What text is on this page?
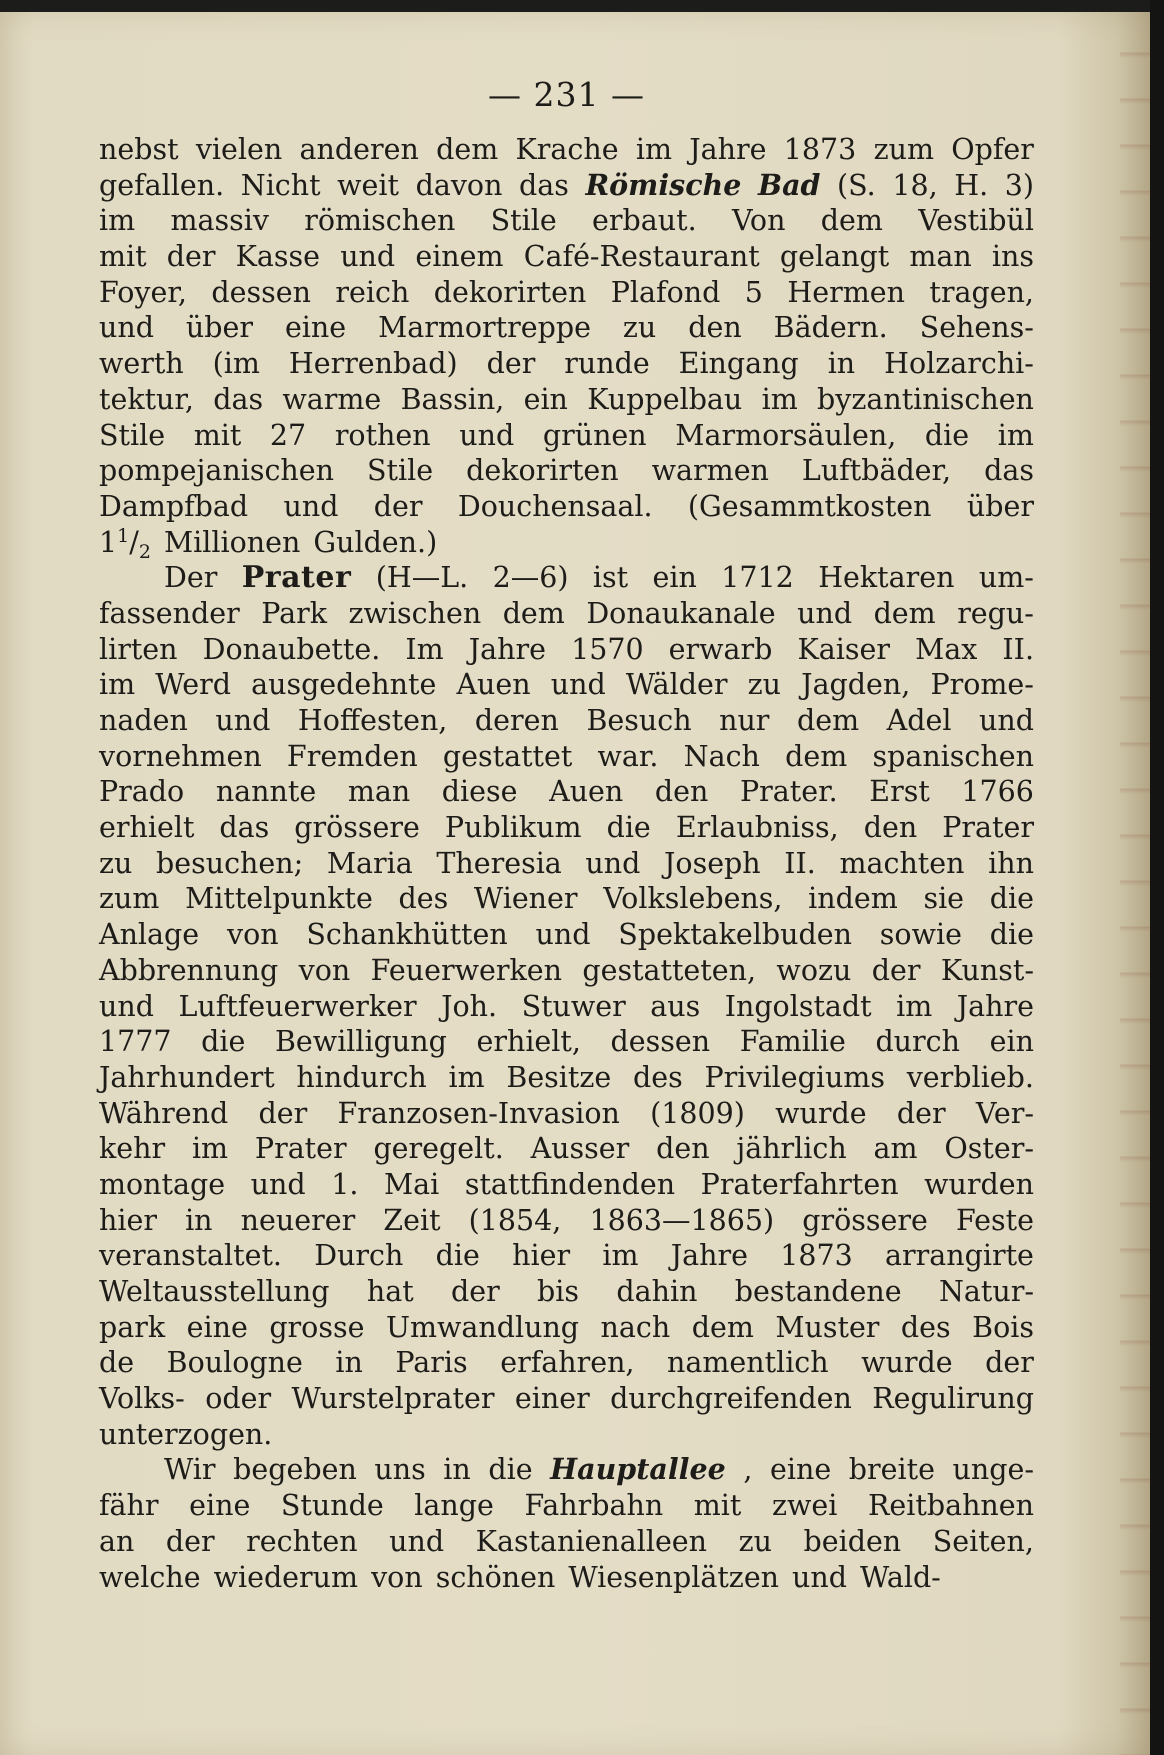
— 231 —
nebst vielen anderen dem Krache im Jahre 1873 zum Opfer
gefallen. Nicht weit davon das Römische Bad (S. 18, H. 3)
im massiv römischen Stile erbaut. Von dem Vestibül
mit der Kasse und einem Café-Restaurant gelangt man ins
Foyer, dessen reich dekorirten Plafond 5 Hermen tragen,
und über eine Marmortreppe zu den Bädern. Sehens-
werth (im Herrenbad) der runde Eingang in Holzarchi-
tektur, das warme Bassin, ein Kuppelbau im byzantinischen
Stile mit 27 rothen und grünen Marmorsäulen, die im
pompejanischen Stile dekorirten warmen Luftbäder, das
Dampfbad und der Douchensaal. (Gesammtkosten über
11/2 Millionen Gulden.)
Der Prater (H—L. 2—6) ist ein 1712 Hektaren um-
fassender Park zwischen dem Donaukanale und dem regu-
lirten Donaubette. Im Jahre 1570 erwarb Kaiser Max II.
im Werd ausgedehnte Auen und Wälder zu Jagden, Prome-
naden und Hoffesten, deren Besuch nur dem Adel und
vornehmen Fremden gestattet war. Nach dem spanischen
Prado nannte man diese Auen den Prater. Erst 1766
erhielt das grössere Publikum die Erlaubniss, den Prater
zu besuchen; Maria Theresia und Joseph II. machten ihn
zum Mittelpunkte des Wiener Volkslebens, indem sie die
Anlage von Schankhütten und Spektakelbuden sowie die
Abbrennung von Feuerwerken gestatteten, wozu der Kunst-
und Luftfeuerwerker Joh. Stuwer aus Ingolstadt im Jahre
1777 die Bewilligung erhielt, dessen Familie durch ein
Jahrhundert hindurch im Besitze des Privilegiums verblieb.
Während der Franzosen-Invasion (1809) wurde der Ver-
kehr im Prater geregelt. Ausser den jährlich am Oster-
montage und 1. Mai stattfindenden Praterfahrten wurden
hier in neuerer Zeit (1854, 1863—1865) grössere Feste
veranstaltet. Durch die hier im Jahre 1873 arrangirte
Weltausstellung hat der bis dahin bestandene Natur-
park eine grosse Umwandlung nach dem Muster des Bois
de Boulogne in Paris erfahren, namentlich wurde der
Volks- oder Wurstelprater einer durchgreifenden Regulirung
unterzogen.
Wir begeben uns in die Hauptallee , eine breite unge-
fähr eine Stunde lange Fahrbahn mit zwei Reitbahnen
an der rechten und Kastanienalleen zu beiden Seiten,
welche wiederum von schönen Wiesenplätzen und Wald-
